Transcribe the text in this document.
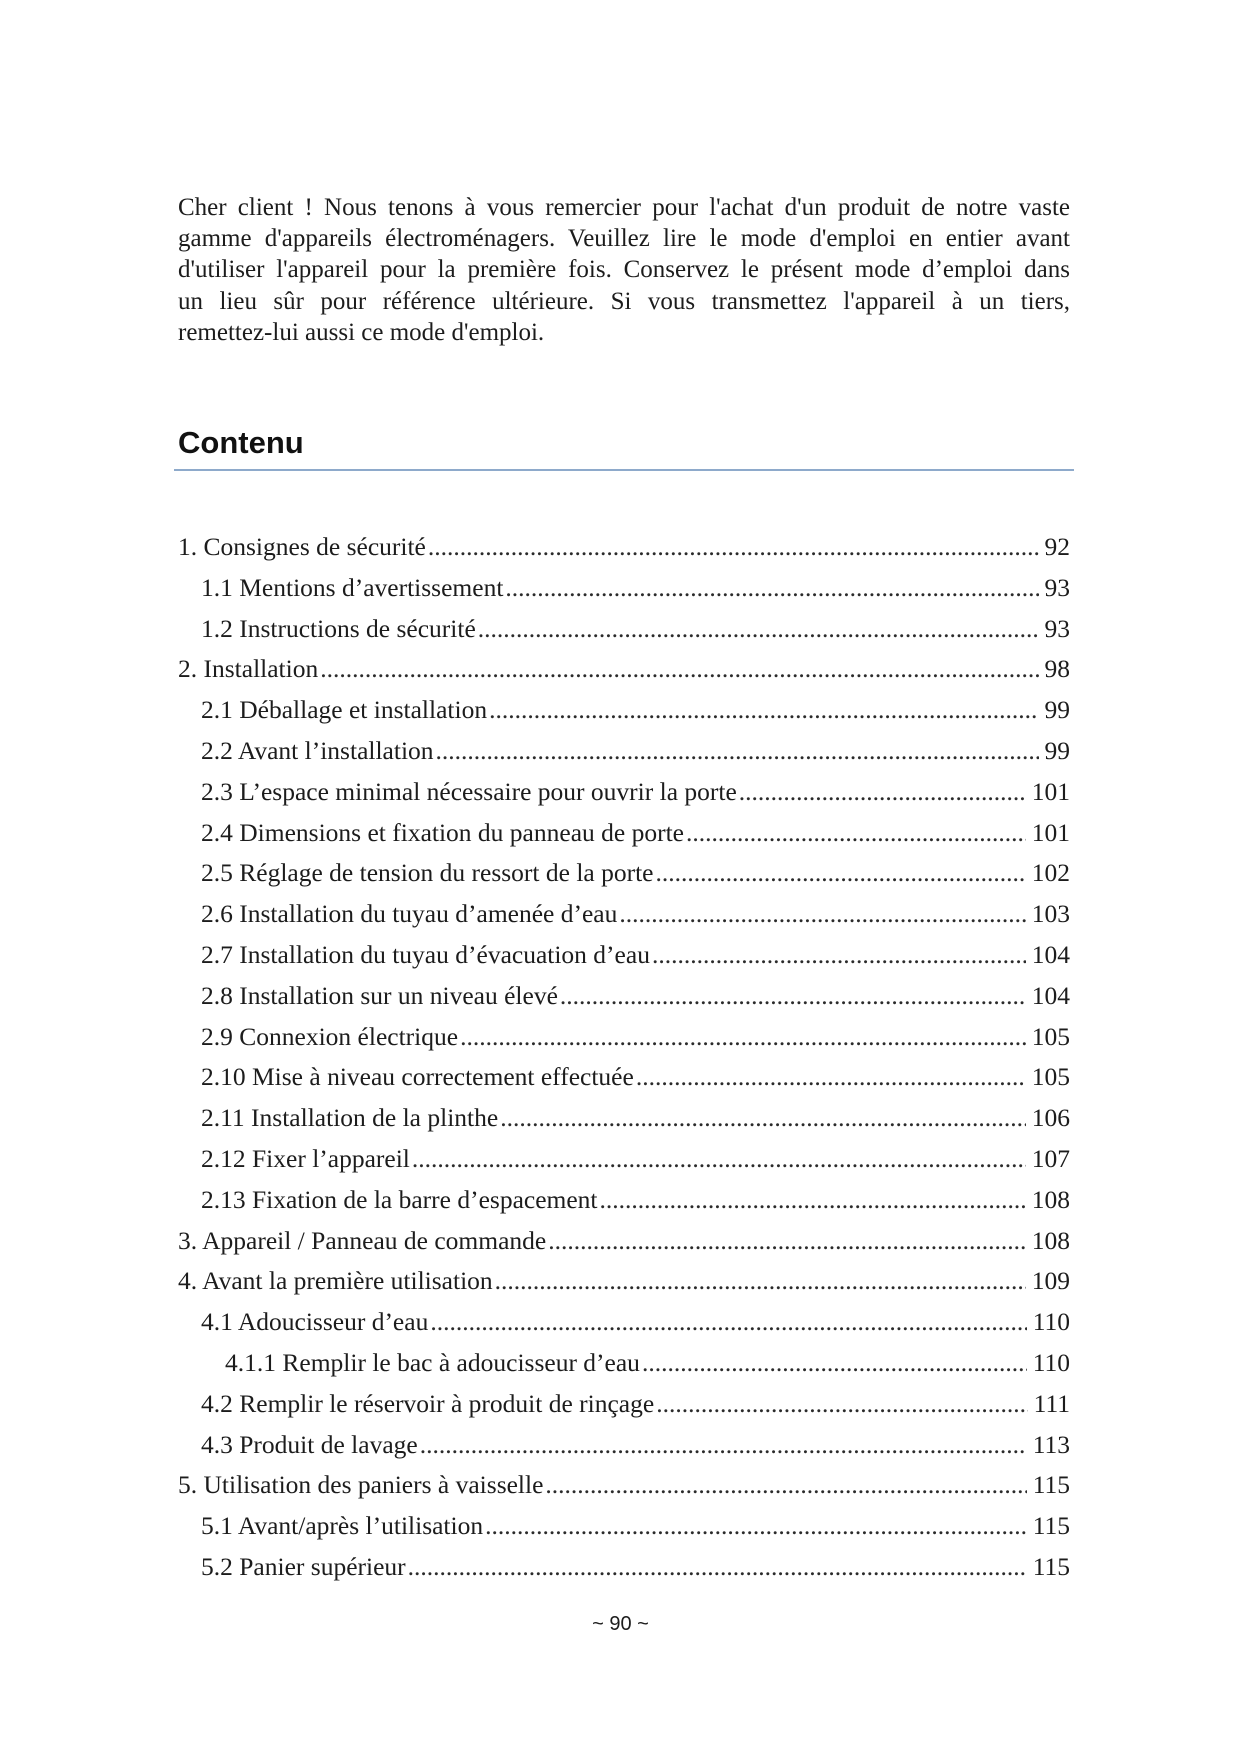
Cher client ! Nous tenons à vous remercier pour l'achat d'un produit de notre vaste
gamme d'appareils électroménagers. Veuillez lire le mode d'emploi en entier avant
d'utiliser l'appareil pour la première fois. Conservez le présent mode d’emploi dans
un lieu sûr pour référence ultérieure. Si vous transmettez l'appareil à un tiers,
remettez-lui aussi ce mode d'emploi.
Contenu
1. Consignes de sécurité .....	92
1.1 Mentions d’avertissement .....	93
1.2 Instructions de sécurité .....	93
2. Installation .....	98
2.1 Déballage et installation .....	99
2.2 Avant l’installation .....	99
2.3 L’espace minimal nécessaire pour ouvrir la porte .....	101
2.4 Dimensions et fixation du panneau de porte .....	101
2.5 Réglage de tension du ressort de la porte .....	102
2.6 Installation du tuyau d’amenée d’eau .....	103
2.7 Installation du tuyau d’évacuation d’eau .....	104
2.8 Installation sur un niveau élevé .....	104
2.9 Connexion électrique .....	105
2.10 Mise à niveau correctement effectuée .....	105
2.11 Installation de la plinthe .....	106
2.12 Fixer l’appareil .....	107
2.13 Fixation de la barre d’espacement .....	108
3. Appareil / Panneau de commande .....	108
4. Avant la première utilisation .....	109
4.1 Adoucisseur d’eau .....	110
4.1.1 Remplir le bac à adoucisseur d’eau .....	110
4.2 Remplir le réservoir à produit de rinçage .....	111
4.3 Produit de lavage .....	113
5. Utilisation des paniers à vaisselle .....	115
5.1 Avant/après l’utilisation .....	115
5.2 Panier supérieur .....	115
~ 90 ~
